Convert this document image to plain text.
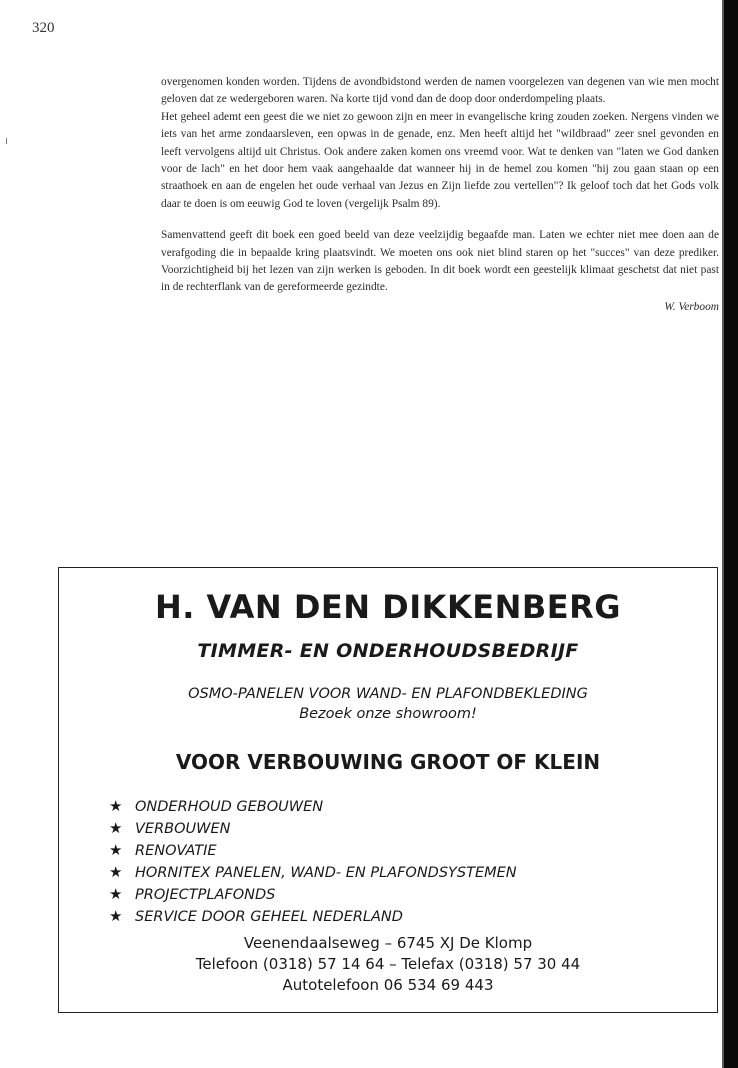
320

overgenomen konden worden. Tijdens de avondbidstond werden de namen voorgelezen van degenen van wie men mocht geloven dat ze wedergeboren waren. Na korte tijd vond dan de doop door onderdompeling plaats.

Het geheel ademt een geest die we niet zo gewoon zijn en meer in evangelische kring zouden zoeken. Nergens vinden we iets van het arme zondaarsleven, een opwas in de genade, enz. Men heeft altijd het "wildbraad" zeer snel gevonden en leeft vervolgens altijd uit Christus. Ook andere zaken komen ons vreemd voor. Wat te denken van "laten we God danken voor de lach" en het door hem vaak aangehaalde dat wanneer hij in de hemel zou komen "hij zou gaan staan op een straathoek en aan de engelen het oude verhaal van Jezus en Zijn liefde zou vertellen"? Ik geloof toch dat het Gods volk daar te doen is om eeuwig God te loven (vergelijk Psalm 89).

Samenvattend geeft dit boek een goed beeld van deze veelzijdig begaafde man. Laten we echter niet mee doen aan de verafgoding die in bepaalde kring plaatsvindt. We moeten ons ook niet blind staren op het "succes" van deze prediker. Voorzichtigheid bij het lezen van zijn werken is geboden. In dit boek wordt een geestelijk klimaat geschetst dat niet past in de rechterflank van de gereformeerde gezindte.

W. Verboom
H. VAN DEN DIKKENBERG
TIMMER- EN ONDERHOUDSBEDRIJF
OSMO-PANELEN VOOR WAND- EN PLAFONDBEKLEDING
Bezoek onze showroom!
VOOR VERBOUWING GROOT OF KLEIN
★ ONDERHOUD GEBOUWEN
★ VERBOUWEN
★ RENOVATIE
★ HORNITEX PANELEN, WAND- EN PLAFONDSYSTEMEN
★ PROJECTPLAFONDS
★ SERVICE DOOR GEHEEL NEDERLAND
Veenendaalseweg – 6745 XJ De Klomp
Telefoon (0318) 57 14 64 – Telefax (0318) 57 30 44
Autotelefoon 06 534 69 443
